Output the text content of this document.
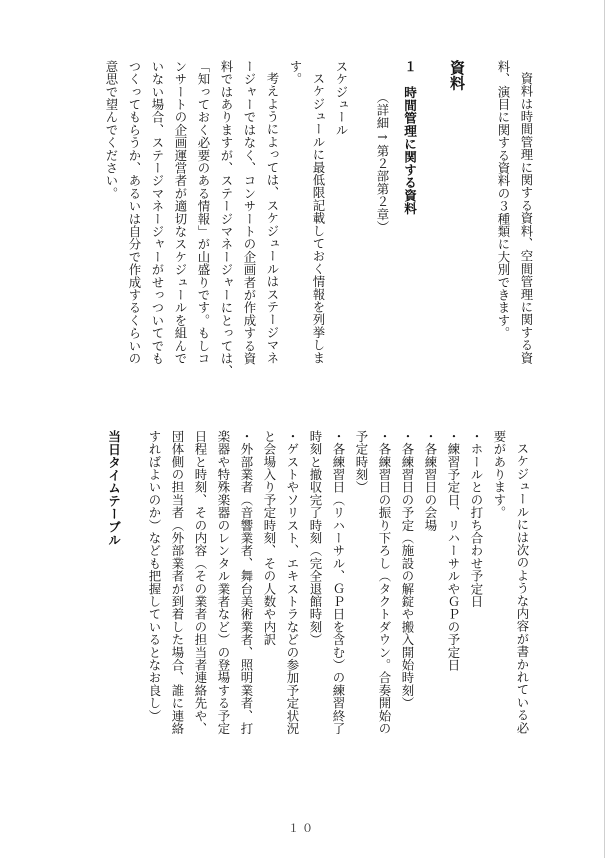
資料は時間管理に関する資料、空間管理に関する資

料、演目に関する資料の３種類に大別できます。

資料

１　時間管理に関する資料

（詳細→第２部第２章）

スケジュール

スケジュールに最低限記載しておく情報を列挙しま

す。

考えようによっては、スケジュールはステージマネ

ージャーではなく、コンサートの企画者が作成する資

料ではありますが、ステージマネージャーにとっては、

「知っておく必要のある情報」が山盛りです。もしコ

ンサートの企画運営者が適切なスケジュールを組んで

いない場合、ステージマネージャーがせっついてでも

つくってもらうか、あるいは自分で作成するくらいの

意思で望んでください。

スケジュールには次のような内容が書かれている必

要があります。

・ホールとの打ち合わせ予定日

・練習予定日、リハーサルやＧＰの予定日

・各練習日の会場

・各練習日の予定（施設の解錠や搬入開始時刻）

・各練習日の振り下ろし（タクトダウン。合奏開始の

予定時刻）

・各練習日（リハーサル、ＧＰ日を含む）の練習終了

時刻と撤収完了時刻（完全退館時刻）

・ゲストやソリスト、エキストラなどの参加予定状況

と会場入り予定時刻、その人数や内訳

・外部業者（音響業者、舞台美術業者、照明業者、打

楽器や特殊楽器のレンタル業者など）の登場する予定

日程と時刻、その内容（その業者の担当者連絡先や、

団体側の担当者（外部業者が到着した場合、誰に連絡

すればよいのか）なども把握しているとなお良し）

当日タイムテーブル

１０
